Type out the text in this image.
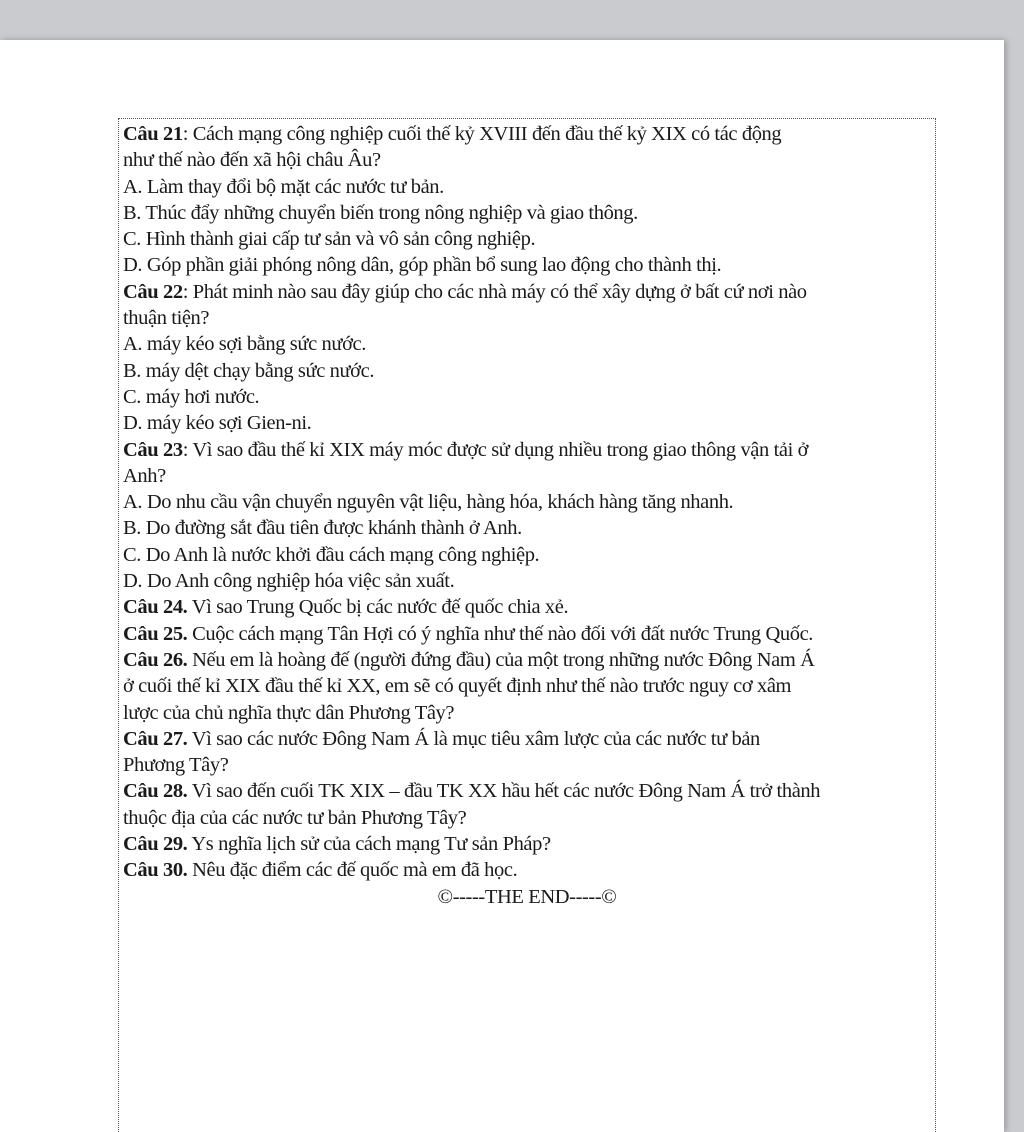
Câu 21: Cách mạng công nghiệp cuối thế kỷ XVIII đến đầu thế kỷ XIX có tác động
như thế nào đến xã hội châu Âu?
A. Làm thay đổi bộ mặt các nước tư bản.
B. Thúc đẩy những chuyển biến trong nông nghiệp và giao thông.
C. Hình thành giai cấp tư sản và vô sản công nghiệp.
D. Góp phần giải phóng nông dân, góp phần bổ sung lao động cho thành thị.
Câu 22: Phát minh nào sau đây giúp cho các nhà máy có thể xây dựng ở bất cứ nơi nào
thuận tiện?
A. máy kéo sợi bằng sức nước.
B. máy dệt chạy bằng sức nước.
C. máy hơi nước.
D. máy kéo sợi Gien-ni.
Câu 23: Vì sao đầu thế kỉ XIX máy móc được sử dụng nhiều trong giao thông vận tải ở
Anh?
A. Do nhu cầu vận chuyển nguyên vật liệu, hàng hóa, khách hàng tăng nhanh.
B. Do đường sắt đầu tiên được khánh thành ở Anh.
C. Do Anh là nước khởi đầu cách mạng công nghiệp.
D. Do Anh công nghiệp hóa việc sản xuất.
Câu 24. Vì sao Trung Quốc bị các nước đế quốc chia xẻ.
Câu 25. Cuộc cách mạng Tân Hợi có ý nghĩa như thế nào đối với đất nước Trung Quốc.
Câu 26. Nếu em là hoàng đế (người đứng đầu) của một trong những nước Đông Nam Á
ở cuối thế kỉ XIX đầu thế kỉ XX, em sẽ có quyết định như thế nào trước nguy cơ xâm
lược của chủ nghĩa thực dân Phương Tây?
Câu 27. Vì sao các nước Đông Nam Á là mục tiêu xâm lược của các nước tư bản
Phương Tây?
Câu 28. Vì sao đến cuối TK XIX – đầu TK XX hầu hết các nước Đông Nam Á trở thành
thuộc địa của các nước tư bản Phương Tây?
Câu 29. Ys nghĩa lịch sử của cách mạng Tư sản Pháp?
Câu 30. Nêu đặc điểm các đế quốc mà em đã học.
©-----THE END-----©
